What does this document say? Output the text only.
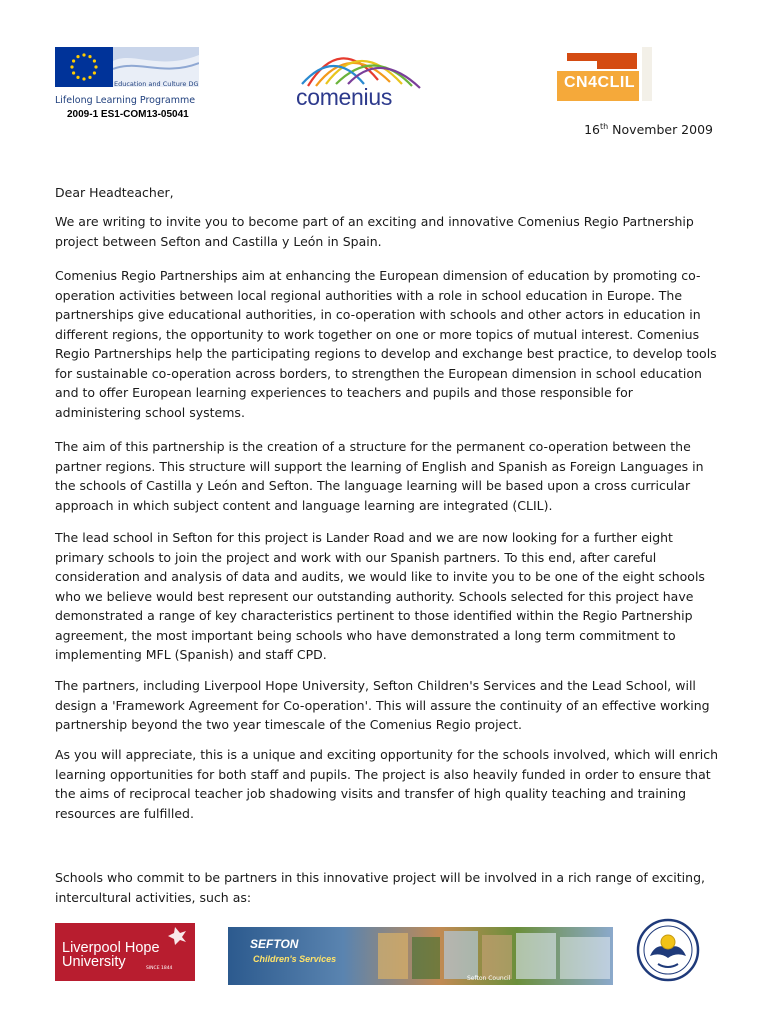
Education and Culture DG
Lifelong Learning Programme
2009-1 ES1-COM13-05041
comenius
CN4CLIL
16th November 2009
Dear Headteacher,
We are writing to invite you to become part of an exciting and innovative Comenius Regio Partnership project between Sefton and Castilla y León in Spain.
Comenius Regio Partnerships aim at enhancing the European dimension of education by promoting co-operation activities between local regional authorities with a role in school education in Europe. The partnerships give educational authorities, in co-operation with schools and other actors in education in different regions, the opportunity to work together on one or more topics of mutual interest. Comenius Regio Partnerships help the participating regions to develop and exchange best practice, to develop tools for sustainable co-operation across borders, to strengthen the European dimension in school education and to offer European learning experiences to teachers and pupils and those responsible for administering school systems.
The aim of this partnership is the creation of a structure for the permanent co-operation between the partner regions. This structure will support the learning of English and Spanish as Foreign Languages in the schools of Castilla y León and Sefton. The language learning will be based upon a cross curricular approach in which subject content and language learning are integrated (CLIL).
The lead school in Sefton for this project is Lander Road and we are now looking for a further eight primary schools to join the project and work with our Spanish partners. To this end, after careful consideration and analysis of data and audits, we would like to invite you to be one of the eight schools who we believe would best represent our outstanding authority. Schools selected for this project have demonstrated a range of key characteristics pertinent to those identified within the Regio Partnership agreement, the most important being schools who have demonstrated a long term commitment to implementing MFL (Spanish) and staff CPD.
The partners, including Liverpool Hope University, Sefton Children's Services and the Lead School, will design a 'Framework Agreement for Co-operation'. This will assure the continuity of an effective working partnership beyond the two year timescale of the Comenius Regio project.
As you will appreciate, this is a unique and exciting opportunity for the schools involved, which will enrich learning opportunities for both staff and pupils. The project is also heavily funded in order to ensure that the aims of reciprocal teacher job shadowing visits and transfer of high quality teaching and training resources are fulfilled.
Schools who commit to be partners in this innovative project will be involved in a rich range of exciting, intercultural activities, such as:
Liverpool Hope
University	SINCE 1844
SEFTON
Children's Services
Sefton Council
